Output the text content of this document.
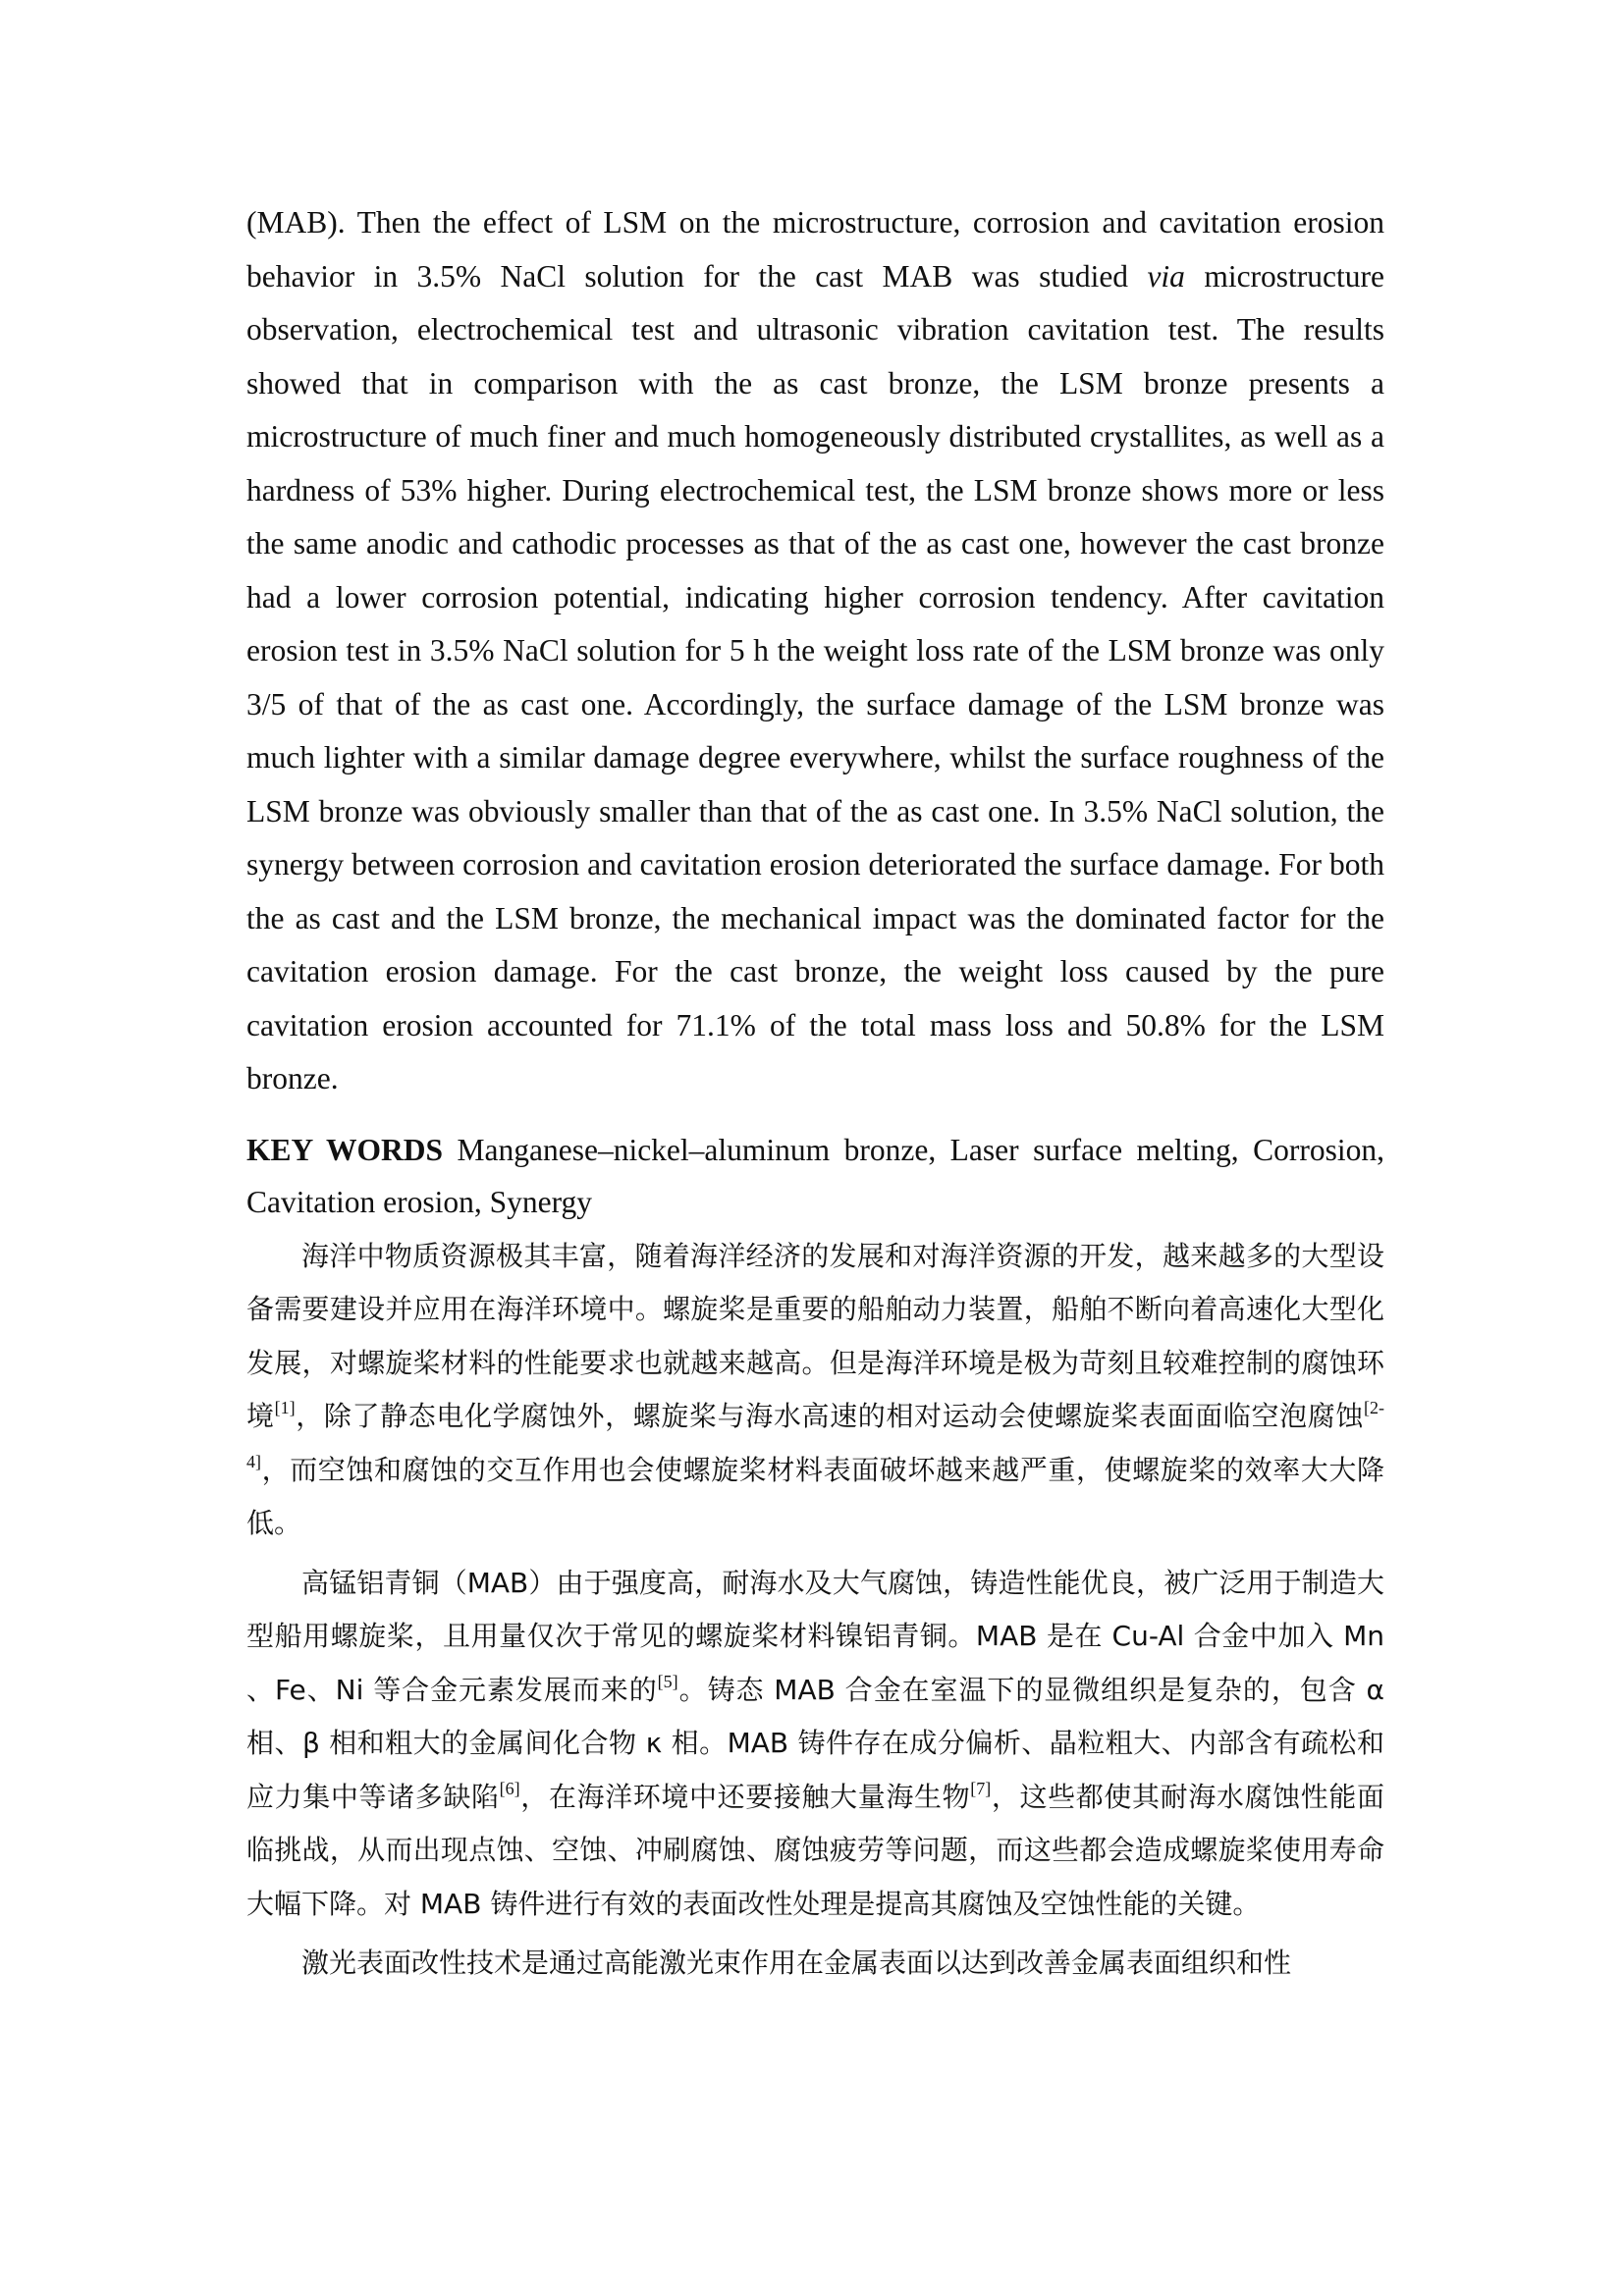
(MAB). Then the effect of LSM on the microstructure, corrosion and cavitation erosion behavior in 3.5% NaCl solution for the cast MAB was studied via microstructure observation, electrochemical test and ultrasonic vibration cavitation test. The results showed that in comparison with the as cast bronze, the LSM bronze presents a microstructure of much finer and much homogeneously distributed crystallites, as well as a hardness of 53% higher. During electrochemical test, the LSM bronze shows more or less the same anodic and cathodic processes as that of the as cast one, however the cast bronze had a lower corrosion potential, indicating higher corrosion tendency. After cavitation erosion test in 3.5% NaCl solution for 5 h the weight loss rate of the LSM bronze was only 3/5 of that of the as cast one. Accordingly, the surface damage of the LSM bronze was much lighter with a similar damage degree everywhere, whilst the surface roughness of the LSM bronze was obviously smaller than that of the as cast one. In 3.5% NaCl solution, the synergy between corrosion and cavitation erosion deteriorated the surface damage. For both the as cast and the LSM bronze, the mechanical impact was the dominated factor for the cavitation erosion damage. For the cast bronze, the weight loss caused by the pure cavitation erosion accounted for 71.1% of the total mass loss and 50.8% for the LSM bronze.

KEY WORDS Manganese–nickel–aluminum bronze, Laser surface melting, Corrosion, Cavitation erosion, Synergy

海洋中物质资源极其丰富，随着海洋经济的发展和对海洋资源的开发，越来越多的大型设备需要建设并应用在海洋环境中。螺旋桨是重要的船舶动力装置，船舶不断向着高速化大型化发展，对螺旋桨材料的性能要求也就越来越高。但是海洋环境是极为苛刻且较难控制的腐蚀环境[1]，除了静态电化学腐蚀外，螺旋桨与海水高速的相对运动会使螺旋桨表面面临空泡腐蚀[2-4]，而空蚀和腐蚀的交互作用也会使螺旋桨材料表面破坏越来越严重，使螺旋桨的效率大大降低。

高锰铝青铜（MAB）由于强度高，耐海水及大气腐蚀，铸造性能优良，被广泛用于制造大型船用螺旋桨，且用量仅次于常见的螺旋桨材料镍铝青铜。MAB 是在 Cu-Al 合金中加入 Mn 、Fe、Ni 等合金元素发展而来的[5]。铸态 MAB 合金在室温下的显微组织是复杂的，包含 α 相、β 相和粗大的金属间化合物 κ 相。MAB 铸件存在成分偏析、晶粒粗大、内部含有疏松和应力集中等诸多缺陷[6]，在海洋环境中还要接触大量海生物[7]，这些都使其耐海水腐蚀性能面临挑战，从而出现点蚀、空蚀、冲刷腐蚀、腐蚀疲劳等问题，而这些都会造成螺旋桨使用寿命大幅下降。对 MAB 铸件进行有效的表面改性处理是提高其腐蚀及空蚀性能的关键。

激光表面改性技术是通过高能激光束作用在金属表面以达到改善金属表面组织和性
